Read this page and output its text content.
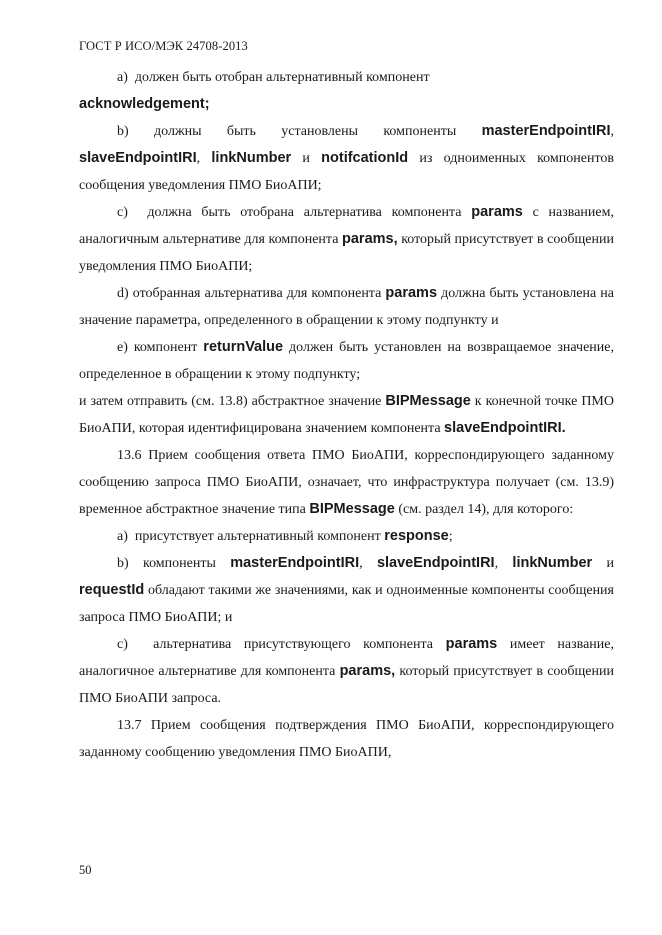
ГОСТ Р ИСО/МЭК 24708-2013

a)  должен быть отобран альтернативный компонент

acknowledgement;

b) должны быть установлены компоненты masterEndpointIRI, slaveEndpointIRI, linkNumber и notifcationId из одноименных компонентов сообщения уведомления ПМО БиоАПИ;

c)  должна быть отобрана альтернатива компонента params с названием, аналогичным альтернативе для компонента params, который присутствует в сообщении уведомления ПМО БиоАПИ;

d) отобранная альтернатива для компонента params должна быть установлена на значение параметра, определенного в обращении к этому подпункту и

e) компонент returnValue должен быть установлен на возвращаемое значение, определенное в обращении к этому подпункту;

и затем отправить (см. 13.8) абстрактное значение BIPMessage к конечной точке ПМО БиоАПИ, которая идентифицирована значением компонента slaveEndpointIRI.

13.6 Прием сообщения ответа ПМО БиоАПИ, корреспондирующего заданному сообщению запроса ПМО БиоАПИ, означает, что инфраструктура получает (см. 13.9) временное абстрактное значение типа BIPMessage (см. раздел 14), для которого:

a)  присутствует альтернативный компонент response;

b) компоненты masterEndpointIRI, slaveEndpointIRI, linkNumber и requestId обладают такими же значениями, как и одноименные компоненты сообщения запроса ПМО БиоАПИ; и

c)  альтернатива присутствующего компонента params имеет название, аналогичное альтернативе для компонента params, который присутствует в сообщении ПМО БиоАПИ запроса.

13.7 Прием сообщения подтверждения ПМО БиоАПИ, корреспондирующего заданному сообщению уведомления ПМО БиоАПИ,

50
